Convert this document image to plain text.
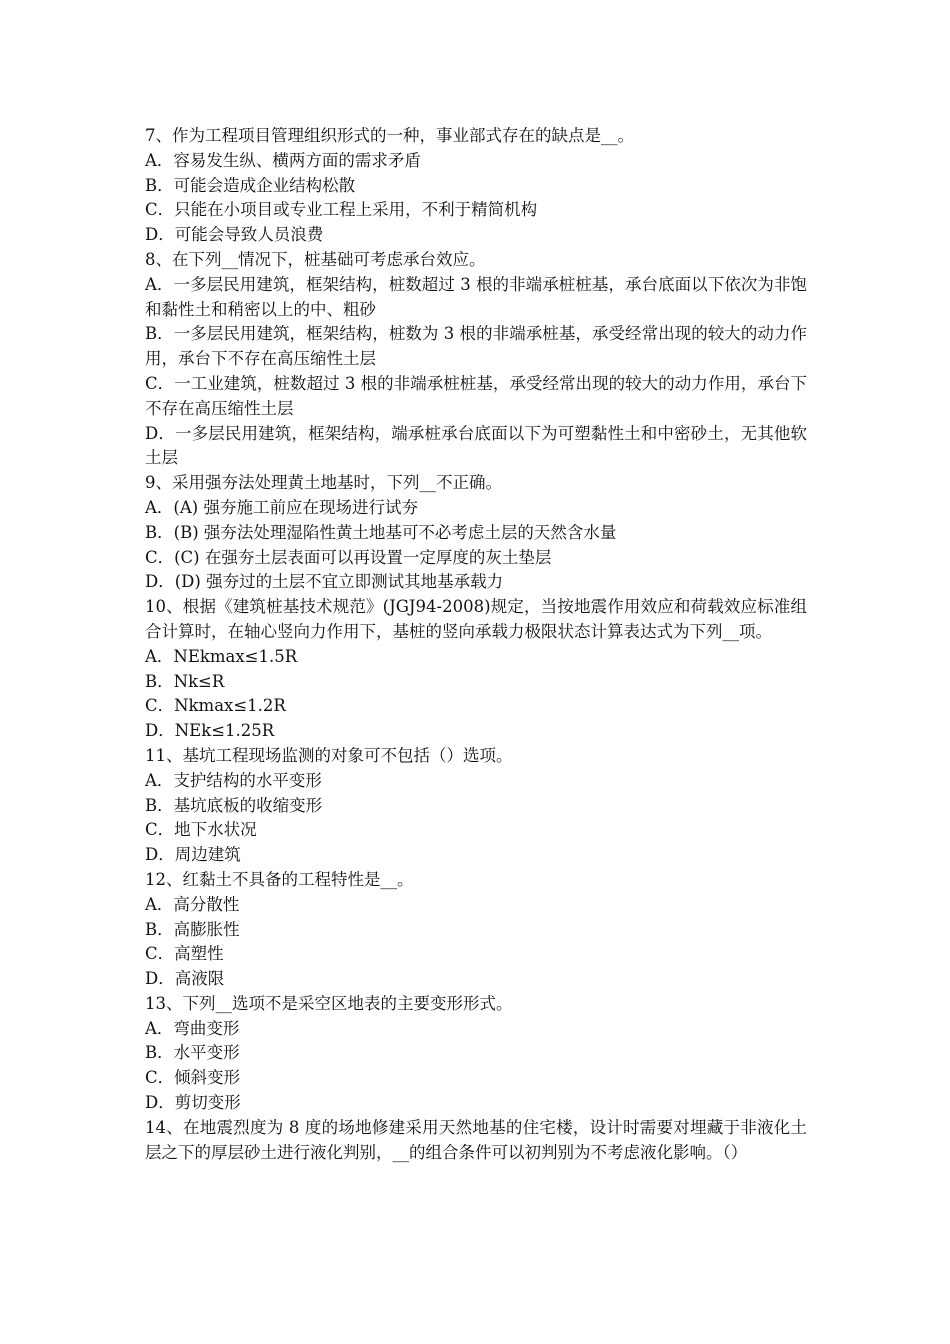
7、作为工程项目管理组织形式的一种，事业部式存在的缺点是__。

A．容易发生纵、横两方面的需求矛盾

B．可能会造成企业结构松散

C．只能在小项目或专业工程上采用，不利于精简机构

D．可能会导致人员浪费

8、在下列__情况下，桩基础可考虑承台效应。

A．一多层民用建筑，框架结构，桩数超过 3 根的非端承桩桩基，承台底面以下依次为非饱和黏性土和稍密以上的中、粗砂

B．一多层民用建筑，框架结构，桩数为 3 根的非端承桩基，承受经常出现的较大的动力作用，承台下不存在高压缩性土层

C．一工业建筑，桩数超过 3 根的非端承桩桩基，承受经常出现的较大的动力作用，承台下不存在高压缩性土层

D．一多层民用建筑，框架结构，端承桩承台底面以下为可塑黏性土和中密砂土，无其他软土层

9、采用强夯法处理黄土地基时，下列__不正确。

A．(A) 强夯施工前应在现场进行试夯

B．(B) 强夯法处理湿陷性黄土地基可不必考虑土层的天然含水量

C．(C) 在强夯土层表面可以再设置一定厚度的灰土垫层

D．(D) 强夯过的土层不宜立即测试其地基承载力

10、根据《建筑桩基技术规范》(JGJ94-2008)规定，当按地震作用效应和荷载效应标准组合计算时，在轴心竖向力作用下，基桩的竖向承载力极限状态计算表达式为下列__项。

A．NEkmax≤1.5R

B．Nk≤R

C．Nkmax≤1.2R

D．NEk≤1.25R

11、基坑工程现场监测的对象可不包括（）选项。

A．支护结构的水平变形

B．基坑底板的收缩变形

C．地下水状况

D．周边建筑

12、红黏土不具备的工程特性是__。

A．高分散性

B．高膨胀性

C．高塑性

D．高液限

13、下列__选项不是采空区地表的主要变形形式。

A．弯曲变形

B．水平变形

C．倾斜变形

D．剪切变形

14、在地震烈度为 8 度的场地修建采用天然地基的住宅楼，设计时需要对埋藏于非液化土层之下的厚层砂土进行液化判别，__的组合条件可以初判别为不考虑液化影响。（）
